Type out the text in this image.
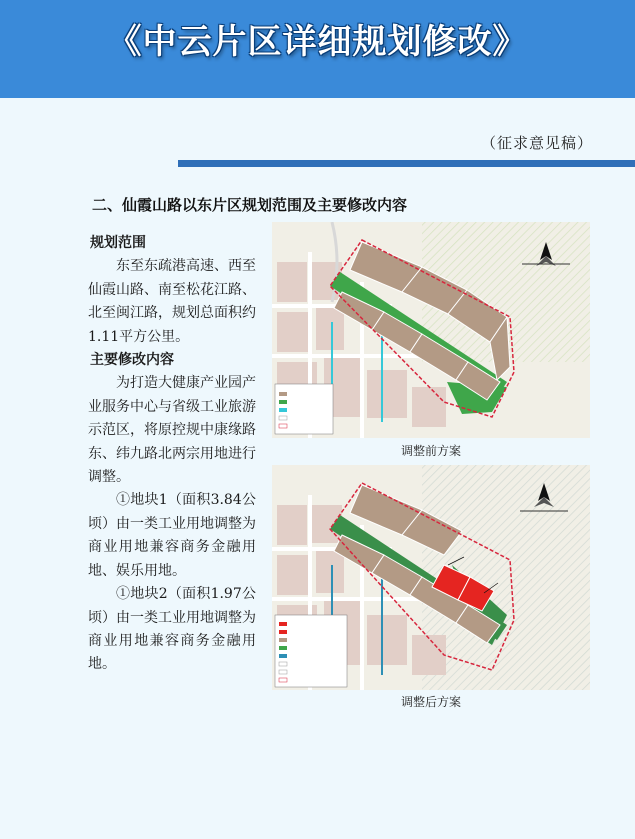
《中云片区详细规划修改》
（征求意见稿）
二、仙霞山路以东片区规划范围及主要修改内容
规划范围

东至东疏港高速、西至仙霞山路、南至松花江路、北至闽江路，规划总面积约1.11平方公里。

主要修改内容

为打造大健康产业园产业服务中心与省级工业旅游示范区，将原控规中康缘路东、纬九路北两宗用地进行调整。

①地块1（面积3.84公顷）由一类工业用地调整为商业用地兼容商务金融用地、娱乐用地。

①地块2（面积1.97公顷）由一类工业用地调整为商业用地兼容商务金融用地。

调整前方案
调整后方案
